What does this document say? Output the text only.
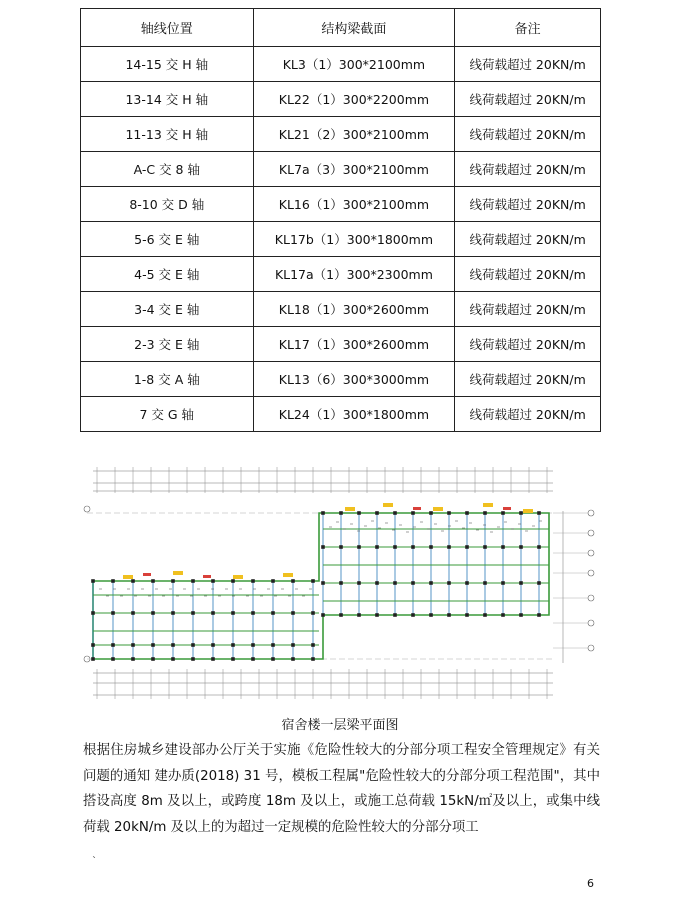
轴线位置	结构梁截面	备注
14-15 交 H 轴	KL3（1）300*2100mm	线荷载超过 20KN/m
13-14 交 H 轴	KL22（1）300*2200mm	线荷载超过 20KN/m
11-13 交 H 轴	KL21（2）300*2100mm	线荷载超过 20KN/m
A-C 交 8 轴	KL7a（3）300*2100mm	线荷载超过 20KN/m
8-10 交 D 轴	KL16（1）300*2100mm	线荷载超过 20KN/m
5-6 交 E 轴	KL17b（1）300*1800mm	线荷载超过 20KN/m
4-5 交 E 轴	KL17a（1）300*2300mm	线荷载超过 20KN/m
3-4 交 E 轴	KL18（1）300*2600mm	线荷载超过 20KN/m
2-3 交 E 轴	KL17（1）300*2600mm	线荷载超过 20KN/m
1-8 交 A 轴	KL13（6）300*3000mm	线荷载超过 20KN/m
7 交 G 轴	KL24（1）300*1800mm	线荷载超过 20KN/m
宿舍楼一层梁平面图

根据住房城乡建设部办公厅关于实施《危险性较大的分部分项工程安全管理规定》有关问题的通知 建办质(2018) 31 号，模板工程属"危险性较大的分部分项工程范围"，其中搭设高度 8m 及以上，或跨度 18m 及以上，或施工总荷载 15kN/㎡及以上，或集中线荷载 20kN/m 及以上的为超过一定规模的危险性较大的分部分项工

`
6
